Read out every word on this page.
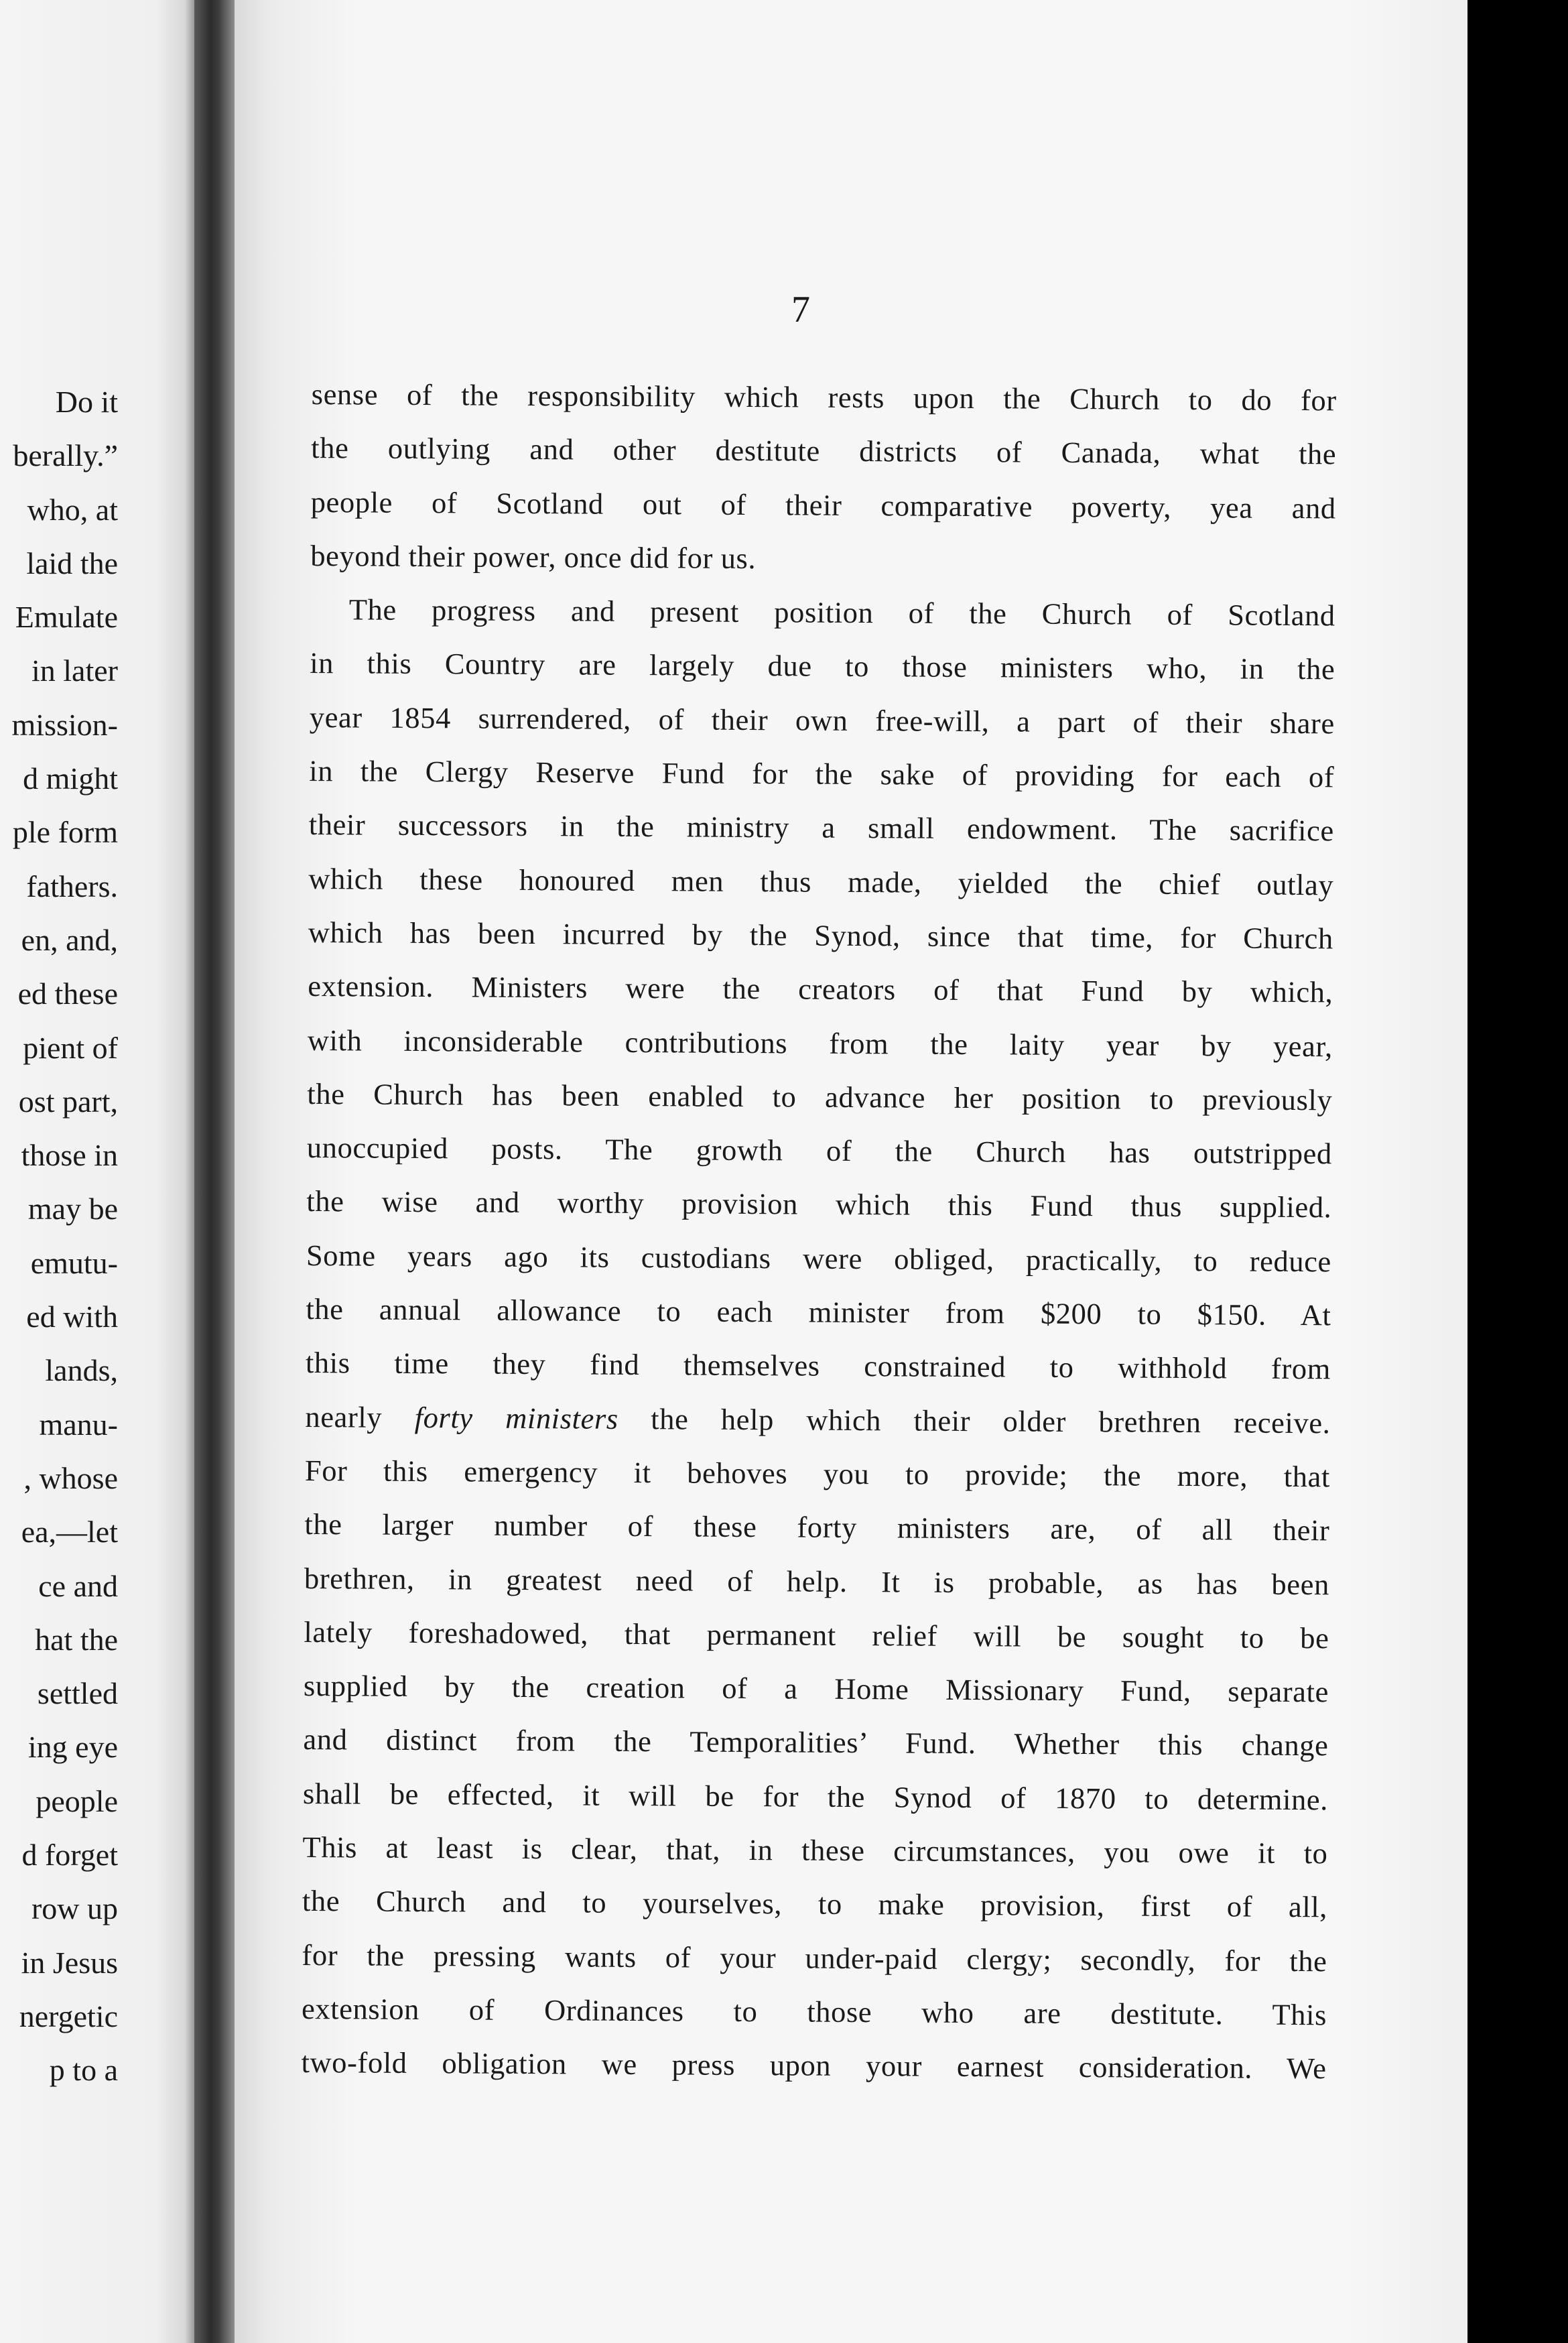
Do it
berally.”
who, at
laid the
Emulate
in later
mission-
d might
ple form
fathers.
en, and,
ed these
pient of
ost part,
those in
may be
emutu-
ed with
lands,
manu-
, whose
ea,—let
ce and
hat the
settled
ing eye
people
d forget
row up
in Jesus
nergetic
p to a
7
sense of the responsibility which rests upon the Church to do for
the outlying and other destitute districts of Canada, what the
people of Scotland out of their comparative poverty, yea and
beyond their power, once did for us.
The progress and present position of the Church of Scotland
in this Country are largely due to those ministers who, in the
year 1854 surrendered, of their own free-will, a part of their share
in the Clergy Reserve Fund for the sake of providing for each of
their successors in the ministry a small endowment. The sacrifice
which these honoured men thus made, yielded the chief outlay
which has been incurred by the Synod, since that time, for Church
extension. Ministers were the creators of that Fund by which,
with inconsiderable contributions from the laity year by year,
the Church has been enabled to advance her position to previously
unoccupied posts. The growth of the Church has outstripped
the wise and worthy provision which this Fund thus supplied.
Some years ago its custodians were obliged, practically, to reduce
the annual allowance to each minister from $200 to $150. At
this time they find themselves constrained to withhold from
nearly forty ministers the help which their older brethren receive.
For this emergency it behoves you to provide; the more, that
the larger number of these forty ministers are, of all their
brethren, in greatest need of help. It is probable, as has been
lately foreshadowed, that permanent relief will be sought to be
supplied by the creation of a Home Missionary Fund, separate
and distinct from the Temporalities’ Fund. Whether this change
shall be effected, it will be for the Synod of 1870 to determine.
This at least is clear, that, in these circumstances, you owe it to
the Church and to yourselves, to make provision, first of all,
for the pressing wants of your under-paid clergy; secondly, for the
extension of Ordinances to those who are destitute. This
two-fold obligation we press upon your earnest consideration. We
